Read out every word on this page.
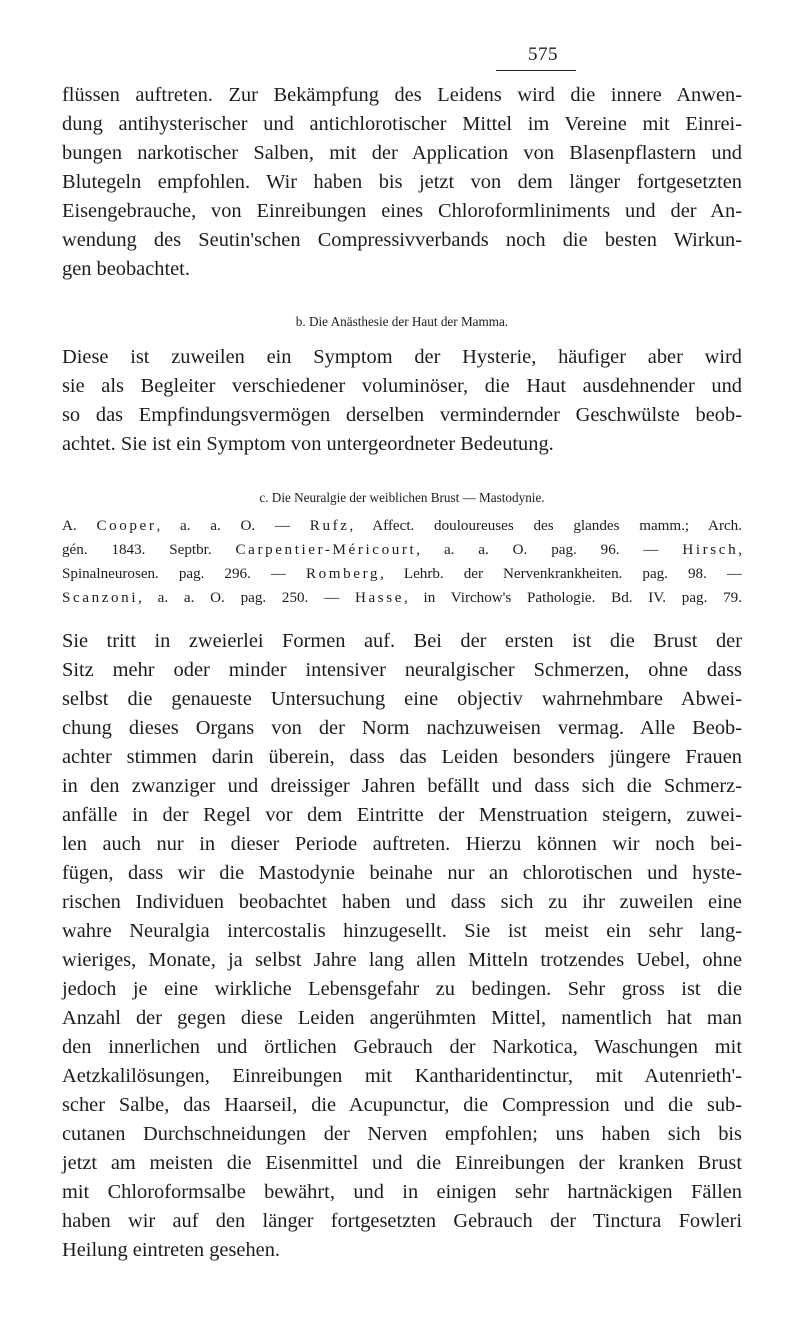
575

flüssen auftreten. Zur Bekämpfung des Leidens wird die innere Anwen-

dung antihysterischer und antichlorotischer Mittel im Vereine mit Einrei-

bungen narkotischer Salben, mit der Application von Blasenpflastern und

Blutegeln empfohlen. Wir haben bis jetzt von dem länger fortgesetzten

Eisengebrauche, von Einreibungen eines Chloroformliniments und der An-

wendung des Seutin'schen Compressivverbands noch die besten Wirkun-

gen beobachtet.

b. Die Anästhesie der Haut der Mamma.

Diese ist zuweilen ein Symptom der Hysterie, häufiger aber wird

sie als Begleiter verschiedener voluminöser, die Haut ausdehnender und

so das Empfindungsvermögen derselben vermindernder Geschwülste beob-

achtet. Sie ist ein Symptom von untergeordneter Bedeutung.

c. Die Neuralgie der weiblichen Brust — Mastodynie.

A. Cooper, a. a. O. — Rufz, Affect. douloureuses des glandes mamm.; Arch.

gén. 1843. Septbr. Carpentier-Méricourt, a. a. O. pag. 96. — Hirsch,

Spinalneurosen. pag. 296. — Romberg, Lehrb. der Nervenkrankheiten. pag. 98. —

Scanzoni, a. a. O. pag. 250. — Hasse, in Virchow's Pathologie. Bd. IV. pag. 79.

Sie tritt in zweierlei Formen auf. Bei der ersten ist die Brust der

Sitz mehr oder minder intensiver neuralgischer Schmerzen, ohne dass

selbst die genaueste Untersuchung eine objectiv wahrnehmbare Abwei-

chung dieses Organs von der Norm nachzuweisen vermag. Alle Beob-

achter stimmen darin überein, dass das Leiden besonders jüngere Frauen

in den zwanziger und dreissiger Jahren befällt und dass sich die Schmerz-

anfälle in der Regel vor dem Eintritte der Menstruation steigern, zuwei-

len auch nur in dieser Periode auftreten. Hierzu können wir noch bei-

fügen, dass wir die Mastodynie beinahe nur an chlorotischen und hyste-

rischen Individuen beobachtet haben und dass sich zu ihr zuweilen eine

wahre Neuralgia intercostalis hinzugesellt. Sie ist meist ein sehr lang-

wieriges, Monate, ja selbst Jahre lang allen Mitteln trotzendes Uebel, ohne

jedoch je eine wirkliche Lebensgefahr zu bedingen. Sehr gross ist die

Anzahl der gegen diese Leiden angerühmten Mittel, namentlich hat man

den innerlichen und örtlichen Gebrauch der Narkotica, Waschungen mit

Aetzkalilösungen, Einreibungen mit Kantharidentinctur, mit Autenrieth'-

scher Salbe, das Haarseil, die Acupunctur, die Compression und die sub-

cutanen Durchschneidungen der Nerven empfohlen; uns haben sich bis

jetzt am meisten die Eisenmittel und die Einreibungen der kranken Brust

mit Chloroformsalbe bewährt, und in einigen sehr hartnäckigen Fällen

haben wir auf den länger fortgesetzten Gebrauch der Tinctura Fowleri

Heilung eintreten gesehen.
